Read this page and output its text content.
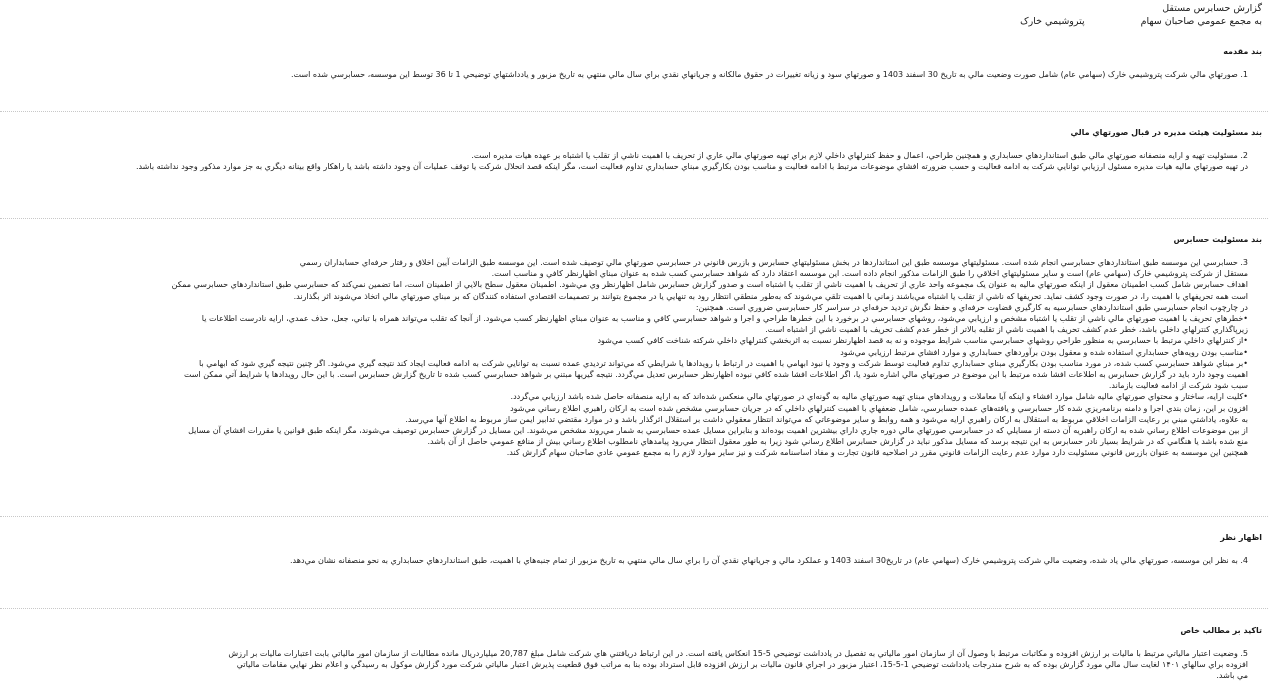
گزارش حسابرس مستقل
به مجمع عمومي صاحبان سهام
پتروشيمي خارک
بند مقدمه

1. صورتهاي مالي شرکت پتروشيمي خارک (سهامي عام) شامل صورت وضعيت مالي به تاريخ 30 اسفند 1403 و صورتهاي سود و زيانه تغييرات در حقوق مالكانه و جريانهاي نقدي براي سال مالي منتهي به تاريخ مزبور و يادداشتهاي توضيحي 1 تا 36 توسط اين موسسه، حسابرسي شده است.

بند مسئوليت هيئت مديره در قبال صورتهاي مالي

2. مسئوليت تهيه و ارايه منصفانه صورتهاي مالي طبق استانداردهاي حسابداري و همچنين طراحي، اعمال و حفظ کنترلهاي داخلي لازم براي تهيه صورتهاي مالي عاري از تحريف با اهميت ناشي از تقلب يا اشتباه بر عهده هيات مديره است.

در تهيه صورتهاي ماليه هيات مديره مسئول ارزيابي توانايي شرکت به ادامه فعاليت و حسب ضرورته افشاي موضوعات مرتبط با ادامه فعاليت و مناسب بودن بکارگيري مبناي حسابداري تداوم فعاليت است، مگر اينکه قصد انحلال شرکت يا توقف عمليات آن وجود داشته باشد يا راهکار واقع بينانه ديگري به جز موارد مذکور وجود نداشته باشد.

بند مسئوليت حسابرس

3. حسابرسي اين موسسه طبق استانداردهاي حسابرسي انجام شده است. مسئوليتهاي موسسه طبق اين استانداردها در بخش مسئوليتهاي حسابرس و بازرس قانوني در حسابرسي صورتهاي مالي توصيف شده است. اين موسسه طبق الزامات آيين اخلاق و رفتار حرفه‌اي حسابداران رسمي

مستقل از شرکت پتروشيمي خارک (سهامي عام) است و ساير مسئوليتهاي اخلاقي را طبق الزامات مذکور انجام داده است. اين موسسه اعتقاد دارد که شواهد حسابرسي کسب شده به عنوان مبناي اظهارنظر کافي و مناسب است.

اهداف حسابرس شامل کسب اطمينان معقول از اينکه صورتهاي ماليه به عنوان يک مجموعه واحد عاري از تحريف با اهميت ناشي از تقلب يا اشتباه است و صدور گزارش حسابرس شامل اظهارنظر وي مي‌شود. اطمينان معقول سطح بالايي از اطمينان است، اما تضمين نمي‌کند که حسابرسي طبق استانداردهاي حسابرسي ممکن

است همه تحريفهاي با اهميت را، در صورت وجود کشف نمايد. تحريفها که ناشي از تقلب يا اشتباه مي‌باشند زماني با اهميت تلقي مي‌شوند که به‌طور منطقي انتظار رود به تنهايي يا در مجموع بتوانند بر تصميمات اقتصادي استفاده کنندگان که بر مبناي صورتهاي مالي اتخاذ مي‌شوند اثر بگذارند.

در چارچوب انجام حسابرسي طبق استانداردهاي حسابرسيه به کارگيري قضاوت حرفه‌اي و حفظ نگرش ترديد حرفه‌اي در سراسر کار حسابرسي ضروري است. همچنين:

•خطرهاي تحريف با اهميت صورتهاي مالي ناشي از تقلب يا اشتباه مشخص و ارزيابي مي‌شود، روشهاي حسابرسي در برخورد با اين خطرها طراحي و اجرا و شواهد حسابرسي کافي و مناسب به عنوان مبناي اظهارنظر کسب مي‌شود. از آنجا که تقلب مي‌تواند همراه با تباني، جعل، حذف عمدي، ارايه نادرست اطلاعات يا

زيرپاگذاري کنترلهاي داخلي باشد، خطر عدم کشف تحريف با اهميت ناشي از تقلبه بالاتر از خطر عدم کشف تحريف با اهميت ناشي از اشتباه است.

•از کنترلهاي داخلي مرتبط با حسابرسي به منظور طراحي روشهاي حسابرسي مناسب شرايط موجوده و نه به قصد اظهارنظر نسبت به اثربخشي کنترلهاي داخلي شرکته شناخت کافي کسب مي‌شود

•مناسب بودن رويه‌هاي حسابداري استفاده شده و معقول بودن برآوردهاي حسابداري و موارد افشاي مرتبط ارزيابي مي‌شود

•بر مبناي شواهد حسابرسي کسب شده، در مورد مناسب بودن بکارگيري مبناي حسابداري تداوم فعاليت توسط شرکت و وجود يا نبود ابهامي با اهميت در ارتباط با رويدادها يا شرايطي که مي‌تواند ترديدي عمده نسبت به توانايي شرکت به ادامه فعاليت ايجاد کند نتيجه گيري مي‌شود. اگر چنين نتيجه گيري شود که ابهامي با

اهميت وجود دارد بايد در گزارش حسابرس به اطلاعات افشا شده مرتبط با اين موضوع در صورتهاي مالي اشاره شود يا، اگر اطلاعات افشا شده کافي نبوده اظهارنظر حسابرس تعديل مي‌گردد. نتيجه گيريها مبتني بر شواهد حسابرسي کسب شده تا تاريخ گزارش حسابرس است. با اين حال رويدادها يا شرايط آتي ممکن است

سبب شود شرکت از ادامه فعاليت بازماند.

•کليت ارايه، ساختار و محتواي صورتهاي ماليه شامل موارد افشاء و اينکه آيا معاملات و رويدادهاي مبناي تهيه صورتهاي ماليه به گونه‌اي در صورتهاي مالي منعکس شده‌اند که به ارايه منصفانه حاصل شده باشد ارزيابي مي‌گردد.

افزون بر اين، زمان بندي اجرا و دامنه برنامه‌ريزي شده کار حسابرسي و يافته‌هاي عمده حسابرسي، شامل ضعفهاي با اهميت کنترلهاي داخلي که در جريان حسابرسي مشخص شده است به ارکان راهبري اطلاع رساني مي‌شود

به علاوه، ياداشتي مبني بر رعايت الزامات اخلاقي مربوط به استقلال به ارکان راهبري ارايه مي‌شود و همه روابط و ساير موضوعاتي که مي‌تواند انتظار معقولي داشت بر استقلال اثرگذار باشد و در موارد مقتضي تدابير ايمن ساز مربوط به اطلاع آنها مي‌رسد.

از بين موضوعات اطلاع رساني شده به ارکان راهبريه آن دسته از مسايلي که در حسابرسي صورتهاي مالي دوره جاري داراي بيشترين اهميت بوده‌اند و بنابراين مسايل عمده حسابرسي به شمار مي‌روند مشخص مي‌شوند. اين مسايل در گزارش حسابرس توصيف مي‌شوند، مگر اينکه طبق قوانين يا مقررات افشاي آن مسايل

منع شده باشد يا هنگامي که در شرايط بسيار نادر حسابرس به اين نتيجه برسد که مسايل مذکور نبايد در گزارش حسابرس اطلاع رساني شود زيرا به طور معقول انتظار مي‌رود پيامدهاي نامطلوب اطلاع رساني بيش از منافع عمومي حاصل از آن باشد.

همچنين اين موسسه به عنوان بازرس قانوني مسئوليت دارد موارد عدم رعايت الزامات قانوني مقرر در اصلاحيه قانون تجارت و مفاد اساسنامه شرکت و نيز ساير موارد لازم را به مجمع عمومي عادي صاحبان سهام گزارش کند.

اظهار نظر

4. به نظر اين موسسه، صورتهاي مالي ياد شده، وضعيت مالي شرکت پتروشيمي خارک (سهامي عام) در تاريخ30 اسفند 1403 و عملکرد مالي و جريانهاي نقدي آن را براي سال مالي منتهي به تاريخ مزبور از تمام جنبه‌هاي با اهميت، طبق استانداردهاي حسابداري به نحو منصفانه نشان مي‌دهد.

تاکيد بر مطالب خاص

5. وضعيت اعتبار مالياتي مرتبط با ماليات بر ارزش افزوده و مکاتبات مرتبط با وصول آن از سازمان امور مالياتي به تفصيل در يادداشت توضيحي 5-15 انعکاس يافته است. در اين ارتباط دريافتني هاي شرکت شامل مبلغ 20,787 ميلياردريال مانده مطالبات از سازمان امور مالياتي بابت اعتبارات ماليات بر ارزش

افزوده براي سالهاي ۱۴۰۱ لغايت سال مالي مورد گزارش بوده که به شرح مندرجات يادداشت توضيحي 1-5-15، اعتبار مزبور در اجراي قانون ماليات بر ارزش افزوده قابل استرداد بوده بنا به مراتب فوق قطعيت پذيرش اعتبار مالياتي شرکت مورد گزارش موکول به رسيدگي و اعلام نظر نهايي مقامات مالياتي

مي باشد.
